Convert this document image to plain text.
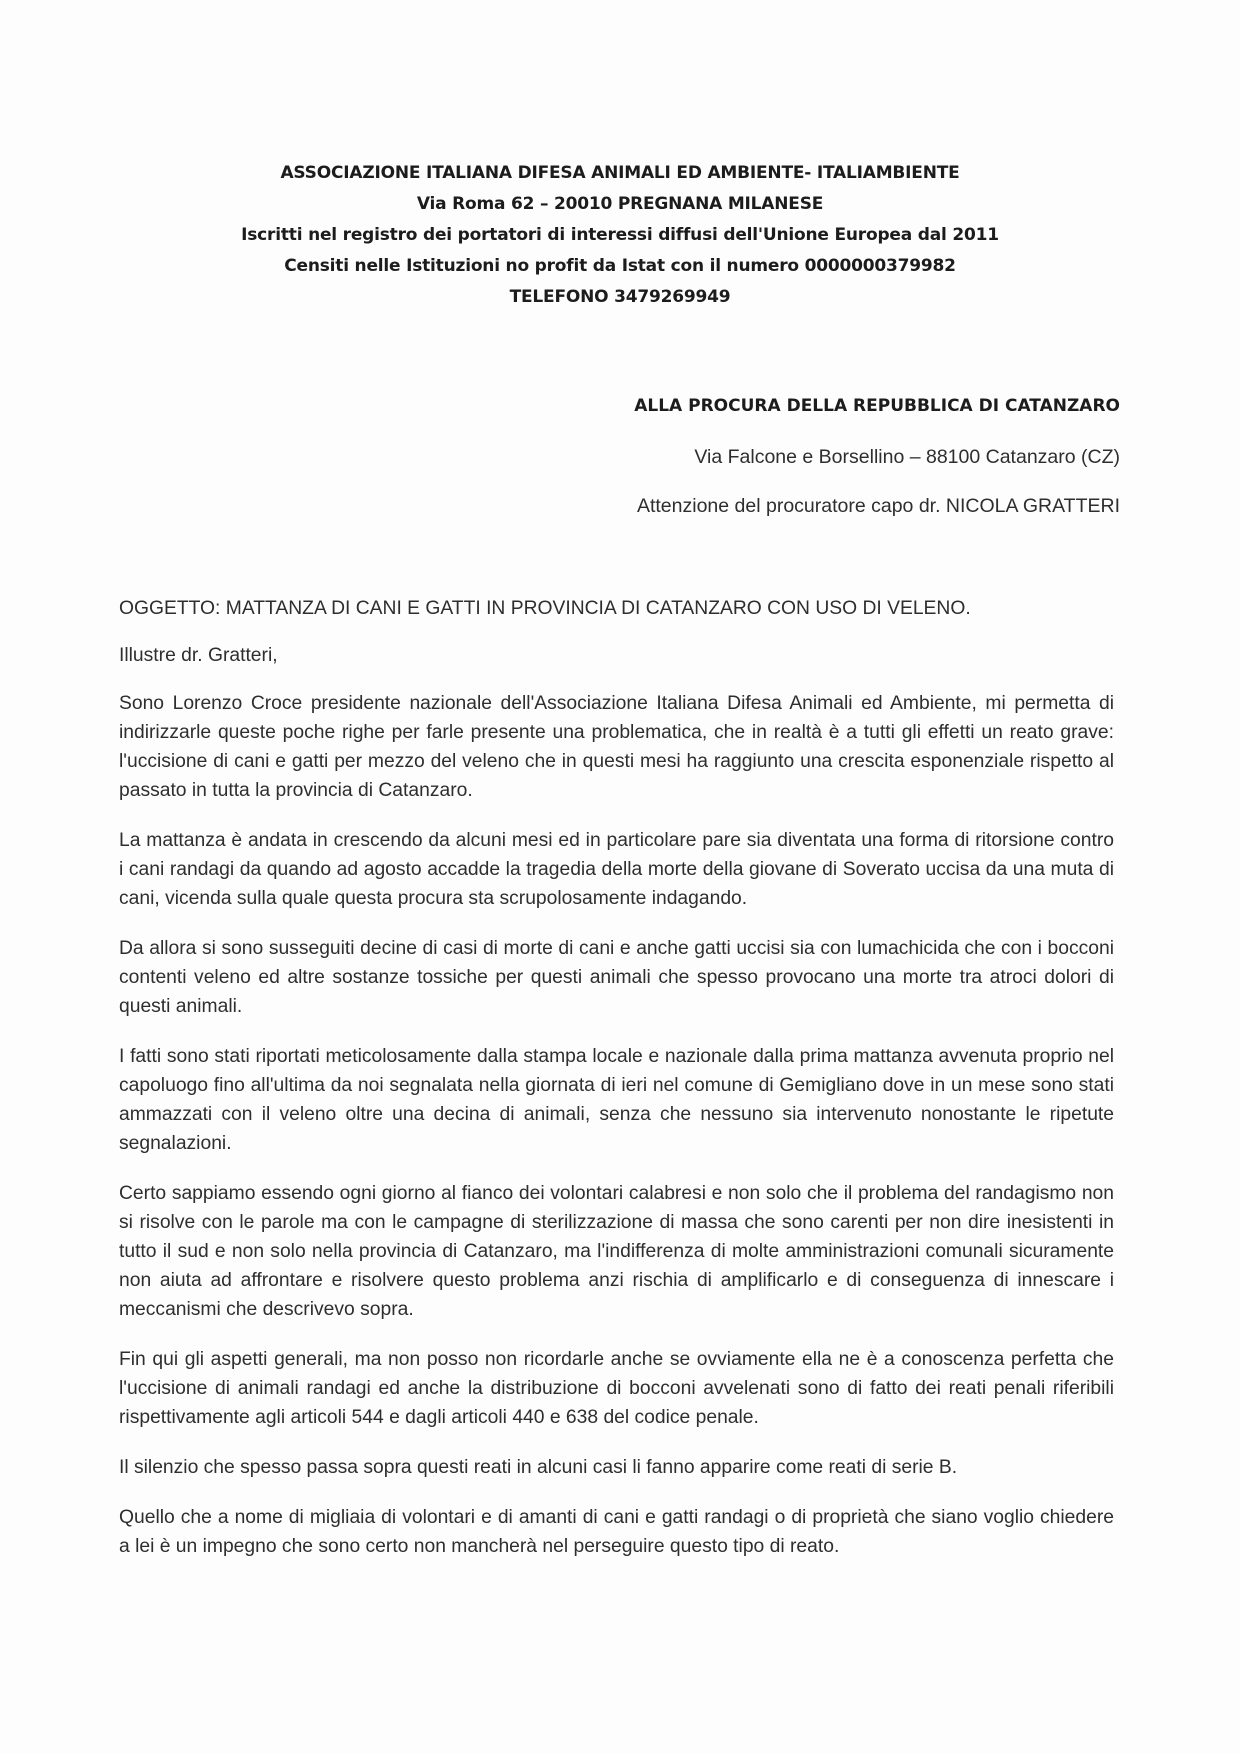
ASSOCIAZIONE ITALIANA DIFESA ANIMALI ED AMBIENTE- ITALIAMBIENTE
Via Roma 62 – 20010 PREGNANA MILANESE
Iscritti nel registro dei portatori di interessi diffusi dell'Unione Europea dal 2011
Censiti nelle Istituzioni no profit da Istat con il numero 0000000379982
TELEFONO 3479269949
ALLA PROCURA DELLA REPUBBLICA DI CATANZARO
Via Falcone e Borsellino – 88100 Catanzaro (CZ)
Attenzione del procuratore capo dr. NICOLA GRATTERI
OGGETTO: MATTANZA DI CANI E GATTI IN PROVINCIA DI CATANZARO CON USO DI VELENO.
Illustre dr. Gratteri,

Sono Lorenzo Croce presidente nazionale dell'Associazione Italiana Difesa Animali ed Ambiente, mi permetta di indirizzarle queste poche righe per farle presente una problematica, che in realtà è a tutti gli effetti un reato grave: l'uccisione di cani e gatti per mezzo del veleno che in questi mesi ha raggiunto una crescita esponenziale rispetto al passato in tutta la provincia di Catanzaro.

La mattanza è andata in crescendo da alcuni mesi ed in particolare pare sia diventata una forma di ritorsione contro i cani randagi da quando ad agosto accadde la tragedia della morte della giovane di Soverato uccisa da una muta di cani, vicenda sulla quale questa procura sta scrupolosamente indagando.

Da allora si sono susseguiti decine di casi di morte di cani e anche gatti uccisi sia con lumachicida che con i bocconi contenti veleno ed altre sostanze tossiche per questi animali che spesso provocano una morte tra atroci dolori di questi animali.

I fatti sono stati riportati meticolosamente dalla stampa locale e nazionale dalla prima mattanza avvenuta proprio nel capoluogo fino all'ultima da noi segnalata nella giornata di ieri nel comune di Gemigliano dove in un mese sono stati ammazzati con il veleno oltre una decina di animali, senza che nessuno sia intervenuto nonostante le ripetute segnalazioni.

Certo sappiamo essendo ogni giorno al fianco dei volontari calabresi e non solo che il problema del randagismo non si risolve con le parole ma con le campagne di sterilizzazione di massa che sono carenti per non dire inesistenti in tutto il sud e non solo nella provincia di Catanzaro, ma l'indifferenza di molte amministrazioni comunali sicuramente non aiuta ad affrontare e risolvere questo problema anzi rischia di amplificarlo e di conseguenza di innescare i meccanismi che descrivevo sopra.

Fin qui gli aspetti generali, ma non posso non ricordarle anche se ovviamente ella ne è a conoscenza perfetta che l'uccisione di animali randagi ed anche la distribuzione di bocconi avvelenati sono di fatto dei reati penali riferibili rispettivamente agli articoli 544 e dagli articoli 440 e 638 del codice penale.

Il silenzio che spesso passa sopra questi reati in alcuni casi li fanno apparire come reati di serie B.

Quello che a nome di migliaia di volontari e di amanti di cani e gatti randagi o di proprietà che siano voglio chiedere a lei è un impegno che sono certo non mancherà nel perseguire questo tipo di reato.
